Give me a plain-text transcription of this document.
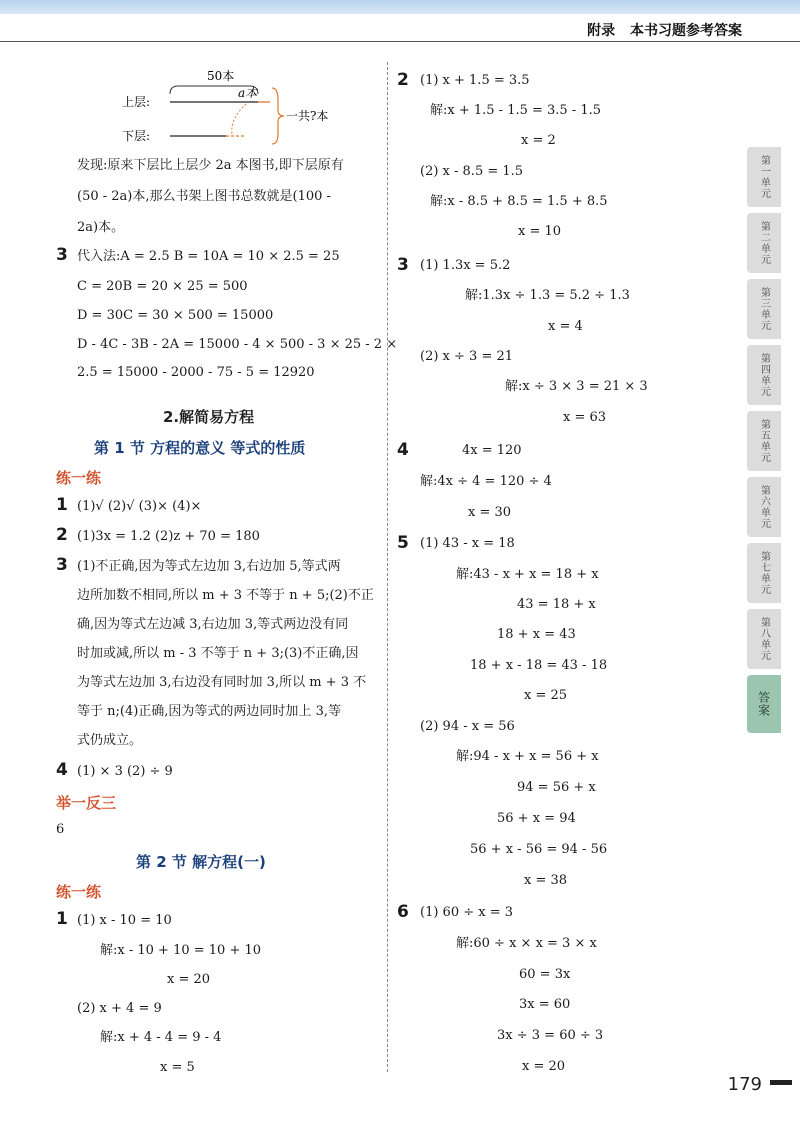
附录 本书习题参考答案
50本
上层:
a本
下层:
一共?本
发现:原来下层比上层少 2a 本图书,即下层原有
(50 - 2a)本,那么书架上图书总数就是(100 -
2a)本。
3 代入法:A = 2.5 B = 10A = 10 × 2.5 = 25
C = 20B = 20 × 25 = 500
D = 30C = 30 × 500 = 15000
D - 4C - 3B - 2A = 15000 - 4 × 500 - 3 × 25 - 2 ×
2.5 = 15000 - 2000 - 75 - 5 = 12920
2.解简易方程
第 1 节 方程的意义 等式的性质
练一练
1 (1)√ (2)√ (3)× (4)×
2 (1)3x = 1.2 (2)z + 70 = 180
3 (1)不正确,因为等式左边加 3,右边加 5,等式两
边所加数不相同,所以 m + 3 不等于 n + 5;(2)不正
确,因为等式左边减 3,右边加 3,等式两边没有同
时加或减,所以 m - 3 不等于 n + 3;(3)不正确,因
为等式左边加 3,右边没有同时加 3,所以 m + 3 不
等于 n;(4)正确,因为等式的两边同时加上 3,等
式仍成立。
4 (1) × 3 (2) ÷ 9
举一反三
6
第 2 节 解方程(一)
练一练
1 (1) x - 10 = 10
解:x - 10 + 10 = 10 + 10
x = 20
(2) x + 4 = 9
解:x + 4 - 4 = 9 - 4
x = 5
2 (1) x + 1.5 = 3.5
解:x + 1.5 - 1.5 = 3.5 - 1.5
x = 2
(2) x - 8.5 = 1.5
解:x - 8.5 + 8.5 = 1.5 + 8.5
x = 10
3 (1) 1.3x = 5.2
解:1.3x ÷ 1.3 = 5.2 ÷ 1.3
x = 4
(2) x ÷ 3 = 21
解:x ÷ 3 × 3 = 21 × 3
x = 63
4	4x = 120
解:4x ÷ 4 = 120 ÷ 4
x = 30
5 (1) 43 - x = 18
解:43 - x + x = 18 + x
43 = 18 + x
18 + x = 43
18 + x - 18 = 43 - 18
x = 25
(2) 94 - x = 56
解:94 - x + x = 56 + x
94 = 56 + x
56 + x = 94
56 + x - 56 = 94 - 56
x = 38
6 (1) 60 ÷ x = 3
解:60 ÷ x × x = 3 × x
60 = 3x
3x = 60
3x ÷ 3 = 60 ÷ 3
x = 20
第一单元
第二单元
第三单元
第四单元
第五单元
第六单元
第七单元
第八单元
答案
179
